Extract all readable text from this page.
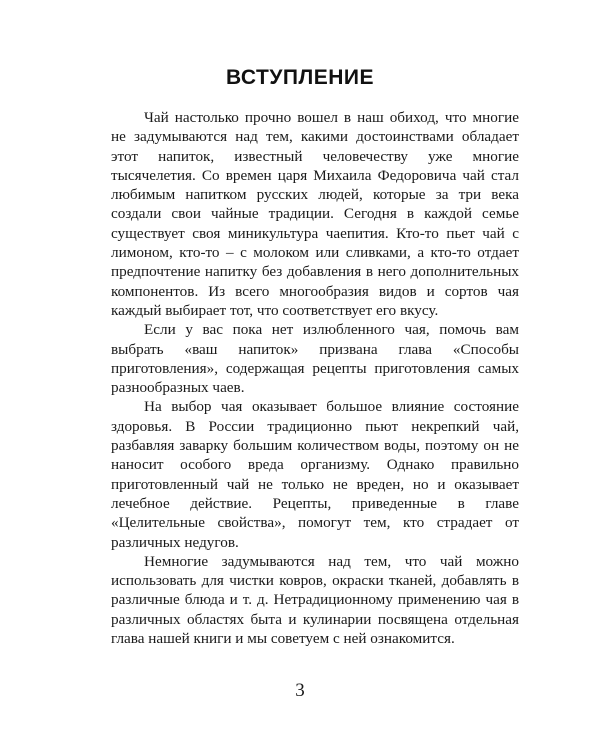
ВСТУПЛЕНИЕ

Чай настолько прочно вошел в наш обиход, что многие не задумываются над тем, какими достоинствами обладает этот напиток, известный человечеству уже многие тысячелетия. Со времен царя Михаила Федоровича чай стал любимым напитком русских людей, которые за три века создали свои чайные традиции. Сегодня в каждой семье существует своя миникультура чаепития. Кто-то пьет чай с лимоном, кто-то – с молоком или сливками, а кто-то отдает предпочтение напитку без добавления в него дополнительных компонентов. Из всего многообразия видов и сортов чая каждый выбирает тот, что соответствует его вкусу.

Если у вас пока нет излюбленного чая, помочь вам выбрать «ваш напиток» призвана глава «Способы приготовления», содержащая рецепты приготовления самых разнообразных чаев.

На выбор чая оказывает большое влияние состояние здоровья. В России традиционно пьют некрепкий чай, разбавляя заварку большим количеством воды, поэтому он не наносит особого вреда организму. Однако правильно приготовленный чай не только не вреден, но и оказывает лечебное действие. Рецепты, приведенные в главе «Целительные свойства», помогут тем, кто страдает от различных недугов.

Немногие задумываются над тем, что чай можно использовать для чистки ковров, окраски тканей, добавлять в различные блюда и т. д. Нетрадиционному применению чая в различных областях быта и кулинарии посвящена отдельная глава нашей книги и мы советуем с ней ознакомится.

3
